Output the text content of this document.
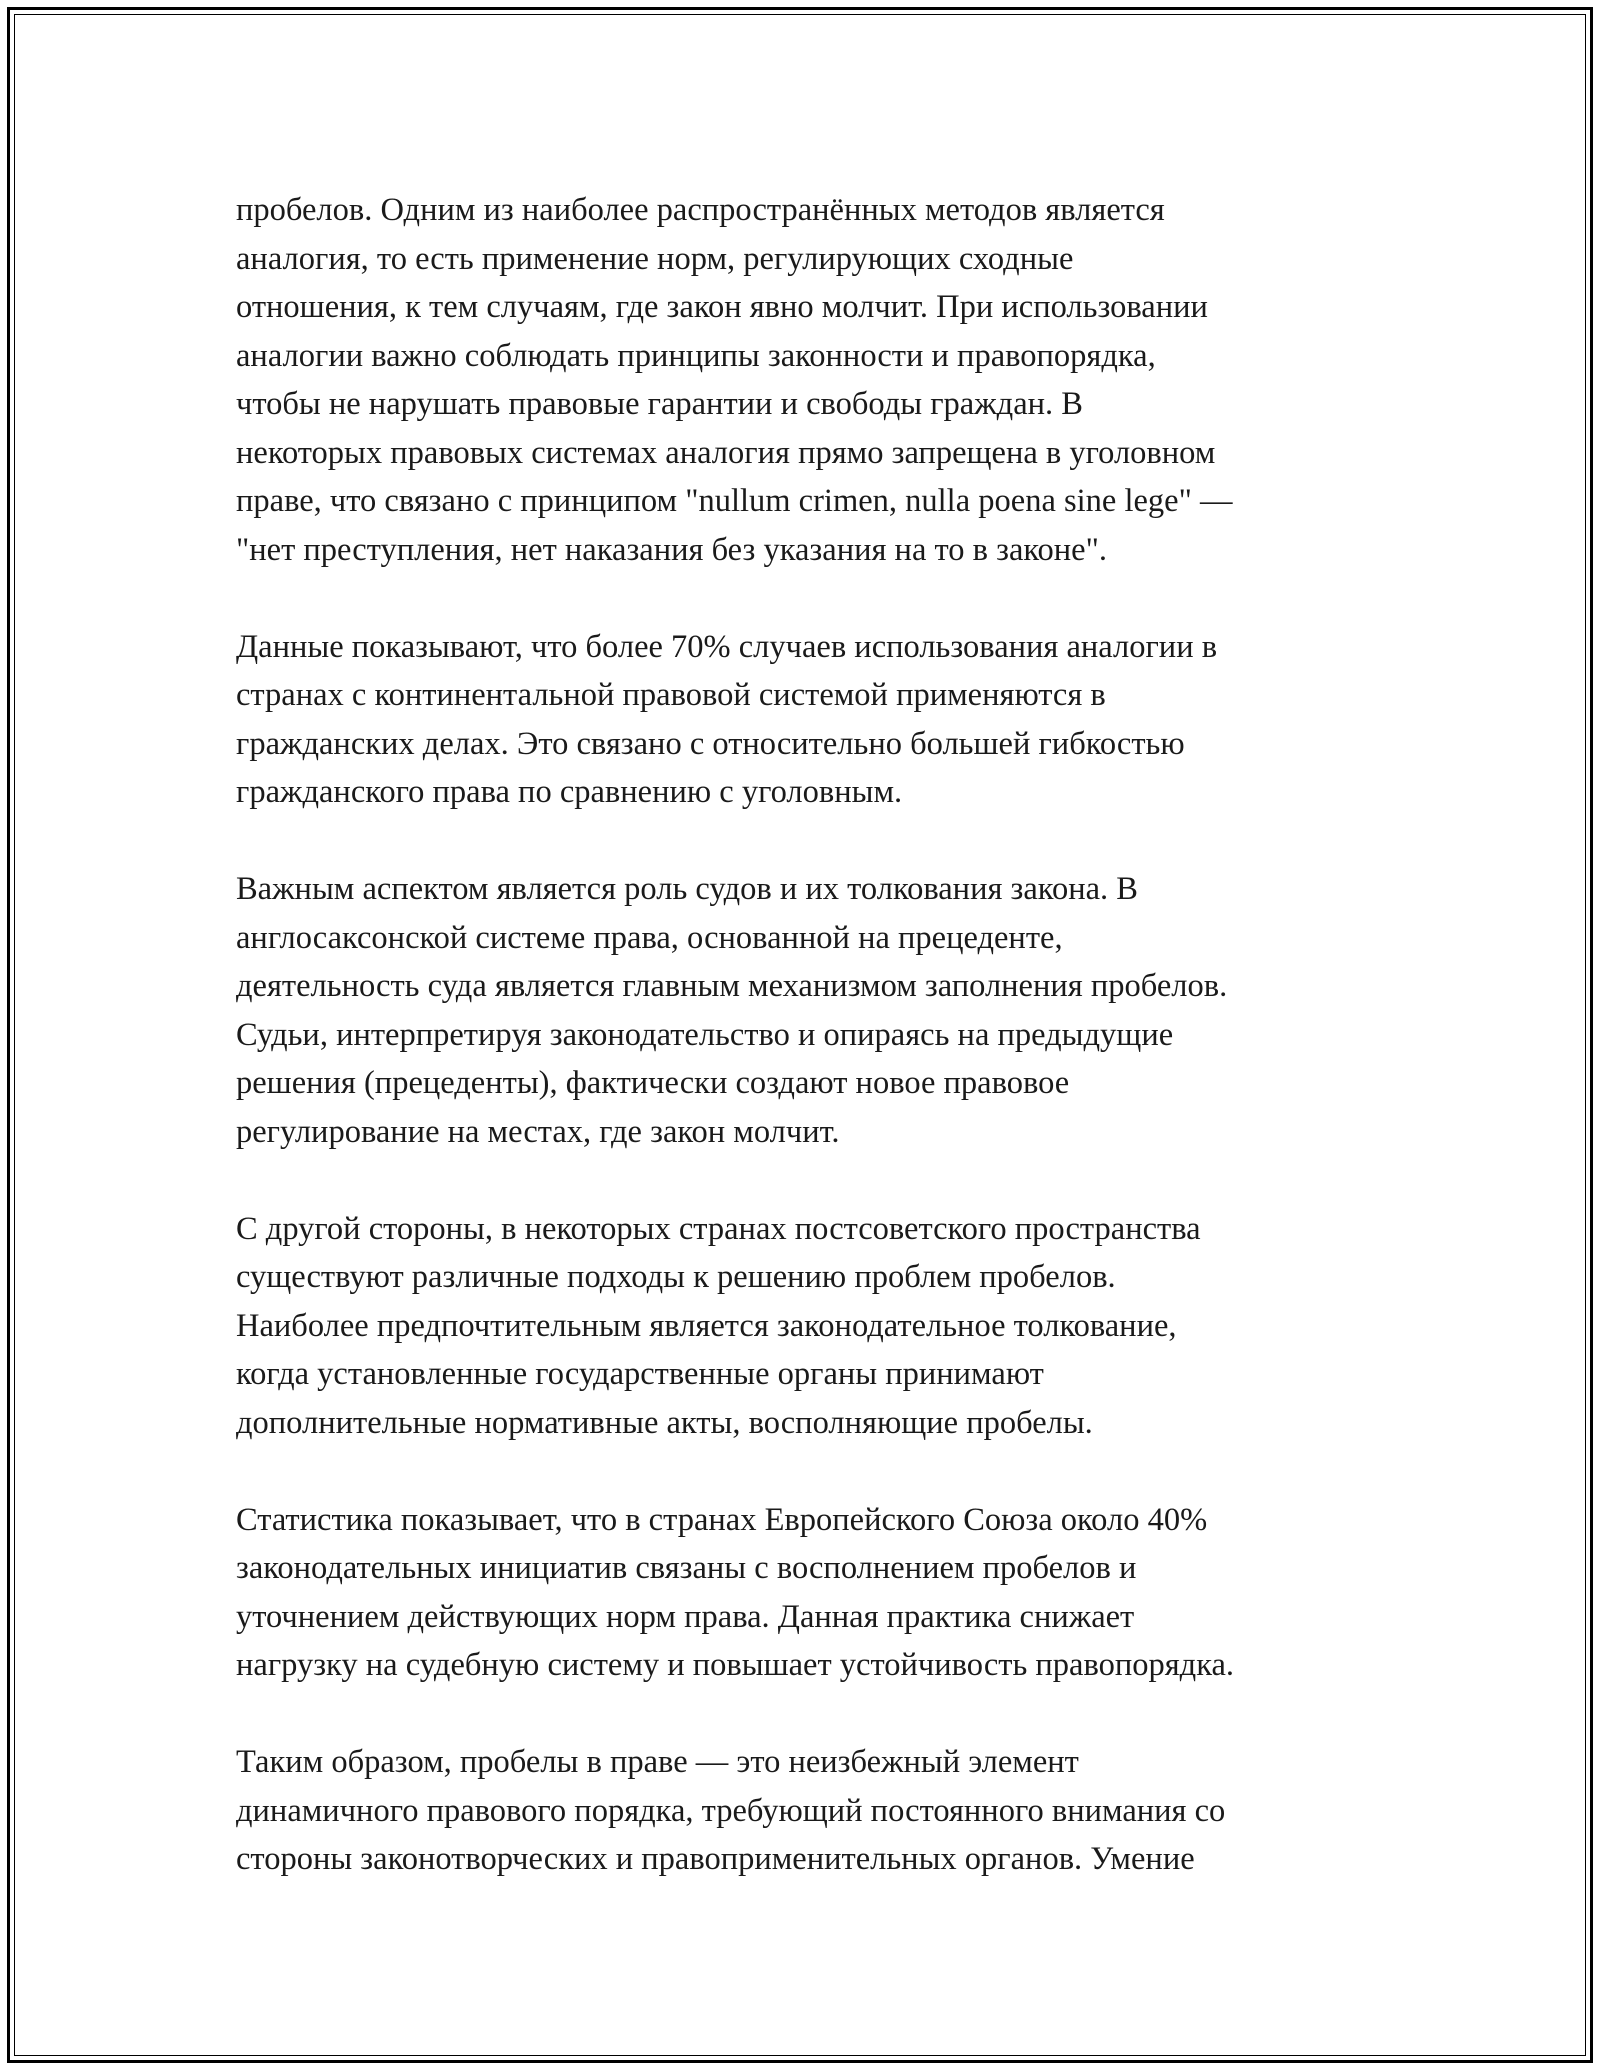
пробелов. Одним из наиболее распространённых методов является
аналогия, то есть применение норм, регулирующих сходные
отношения, к тем случаям, где закон явно молчит. При использовании
аналогии важно соблюдать принципы законности и правопорядка,
чтобы не нарушать правовые гарантии и свободы граждан. В
некоторых правовых системах аналогия прямо запрещена в уголовном
праве, что связано с принципом "nullum crimen, nulla poena sine lege" —
"нет преступления, нет наказания без указания на то в законе".

Данные показывают, что более 70% случаев использования аналогии в
странах с континентальной правовой системой применяются в
гражданских делах. Это связано с относительно большей гибкостью
гражданского права по сравнению с уголовным.

Важным аспектом является роль судов и их толкования закона. В
англосаксонской системе права, основанной на прецеденте,
деятельность суда является главным механизмом заполнения пробелов.
Судьи, интерпретируя законодательство и опираясь на предыдущие
решения (прецеденты), фактически создают новое правовое
регулирование на местах, где закон молчит.

С другой стороны, в некоторых странах постсоветского пространства
существуют различные подходы к решению проблем пробелов.
Наиболее предпочтительным является законодательное толкование,
когда установленные государственные органы принимают
дополнительные нормативные акты, восполняющие пробелы.

Статистика показывает, что в странах Европейского Союза около 40%
законодательных инициатив связаны с восполнением пробелов и
уточнением действующих норм права. Данная практика снижает
нагрузку на судебную систему и повышает устойчивость правопорядка.

Таким образом, пробелы в праве — это неизбежный элемент
динамичного правового порядка, требующий постоянного внимания со
стороны законотворческих и правоприменительных органов. Умение
